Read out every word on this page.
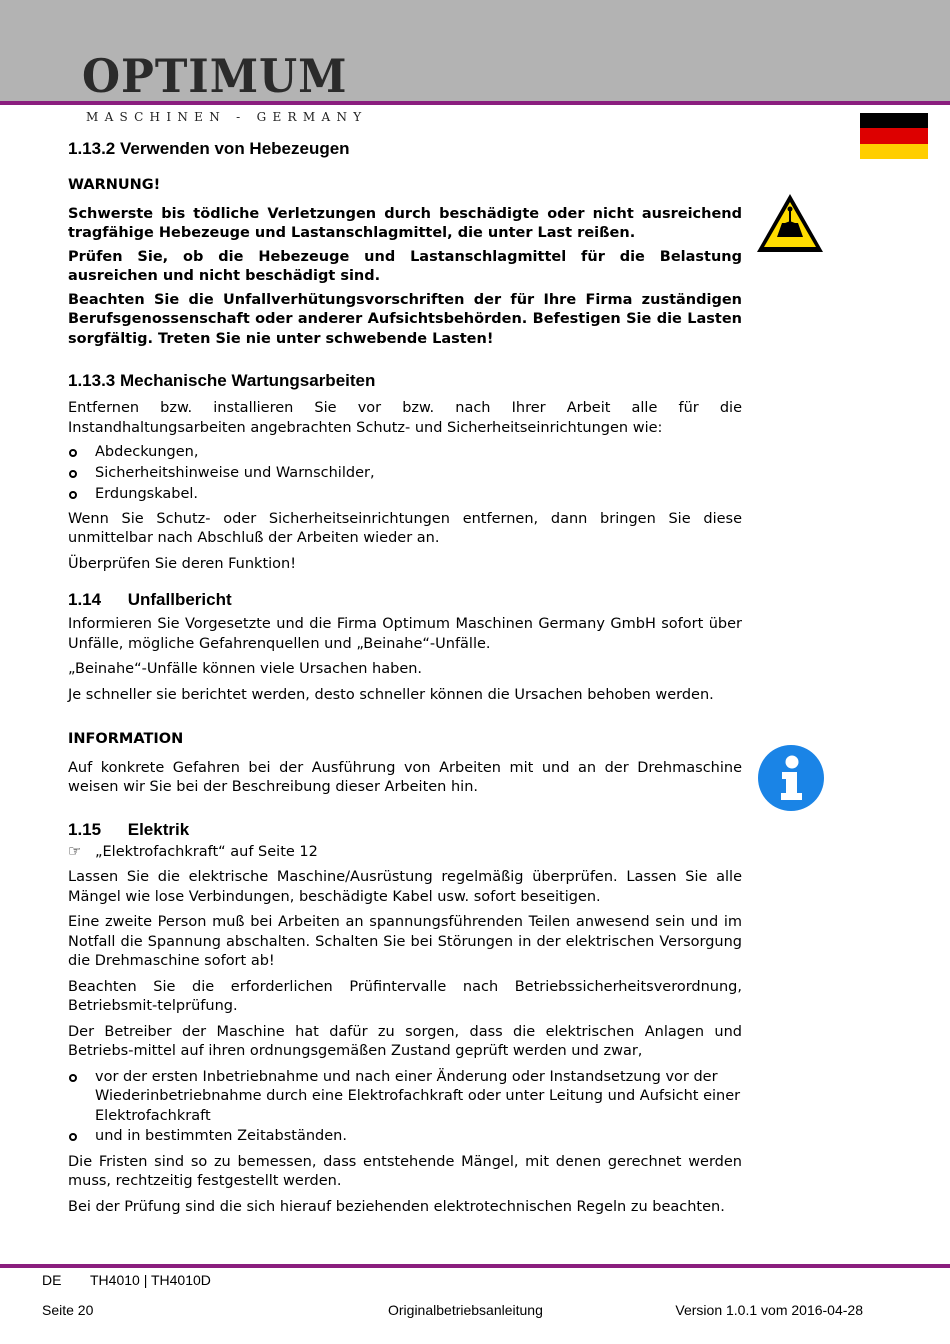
OPTIMUM
MASCHINEN - GERMANY
1.13.2 Verwenden von Hebezeugen

WARNUNG!

Schwerste bis tödliche Verletzungen durch beschädigte oder nicht ausreichend tragfähige Hebezeuge und Lastanschlagmittel, die unter Last reißen.

Prüfen Sie, ob die Hebezeuge und Lastanschlagmittel für die Belastung ausreichen und nicht beschädigt sind.

Beachten Sie die Unfallverhütungsvorschriften der für Ihre Firma zuständigen Berufsgenossenschaft oder anderer Aufsichtsbehörden. Befestigen Sie die Lasten sorgfältig. Treten Sie nie unter schwebende Lasten!

1.13.3 Mechanische Wartungsarbeiten

Entfernen bzw. installieren Sie vor bzw. nach Ihrer Arbeit alle für die Instandhaltungsarbeiten angebrachten Schutz- und Sicherheitseinrichtungen wie:

Abdeckungen,
Sicherheitshinweise und Warnschilder,
Erdungskabel.

Wenn Sie Schutz- oder Sicherheitseinrichtungen entfernen, dann bringen Sie diese unmittelbar nach Abschluß der Arbeiten wieder an.

Überprüfen Sie deren Funktion!

1.14 Unfallbericht

Informieren Sie Vorgesetzte und die Firma Optimum Maschinen Germany GmbH sofort über Unfälle, mögliche Gefahrenquellen und „Beinahe“-Unfälle.

„Beinahe“-Unfälle können viele Ursachen haben.

Je schneller sie berichtet werden, desto schneller können die Ursachen behoben werden.

INFORMATION

Auf konkrete Gefahren bei der Ausführung von Arbeiten mit und an der Drehmaschine weisen wir Sie bei der Beschreibung dieser Arbeiten hin.

1.15 Elektrik

☞ „Elektrofachkraft“ auf Seite 12

Lassen Sie die elektrische Maschine/Ausrüstung regelmäßig überprüfen. Lassen Sie alle Mängel wie lose Verbindungen, beschädigte Kabel usw. sofort beseitigen.

Eine zweite Person muß bei Arbeiten an spannungsführenden Teilen anwesend sein und im Notfall die Spannung abschalten. Schalten Sie bei Störungen in der elektrischen Versorgung die Drehmaschine sofort ab!

Beachten Sie die erforderlichen Prüfintervalle nach Betriebssicherheitsverordnung, Betriebsmit-telprüfung.

Der Betreiber der Maschine hat dafür zu sorgen, dass die elektrischen Anlagen und Betriebs-mittel auf ihren ordnungsgemäßen Zustand geprüft werden und zwar,

vor der ersten Inbetriebnahme und nach einer Änderung oder Instandsetzung vor der Wiederinbetriebnahme durch eine Elektrofachkraft oder unter Leitung und Aufsicht einer Elektrofachkraft
und in bestimmten Zeitabständen.

Die Fristen sind so zu bemessen, dass entstehende Mängel, mit denen gerechnet werden muss, rechtzeitig festgestellt werden.

Bei der Prüfung sind die sich hierauf beziehenden elektrotechnischen Regeln zu beachten.

DE TH4010 | TH4010D
Seite 20	Originalbetriebsanleitung	Version 1.0.1 vom 2016-04-28
